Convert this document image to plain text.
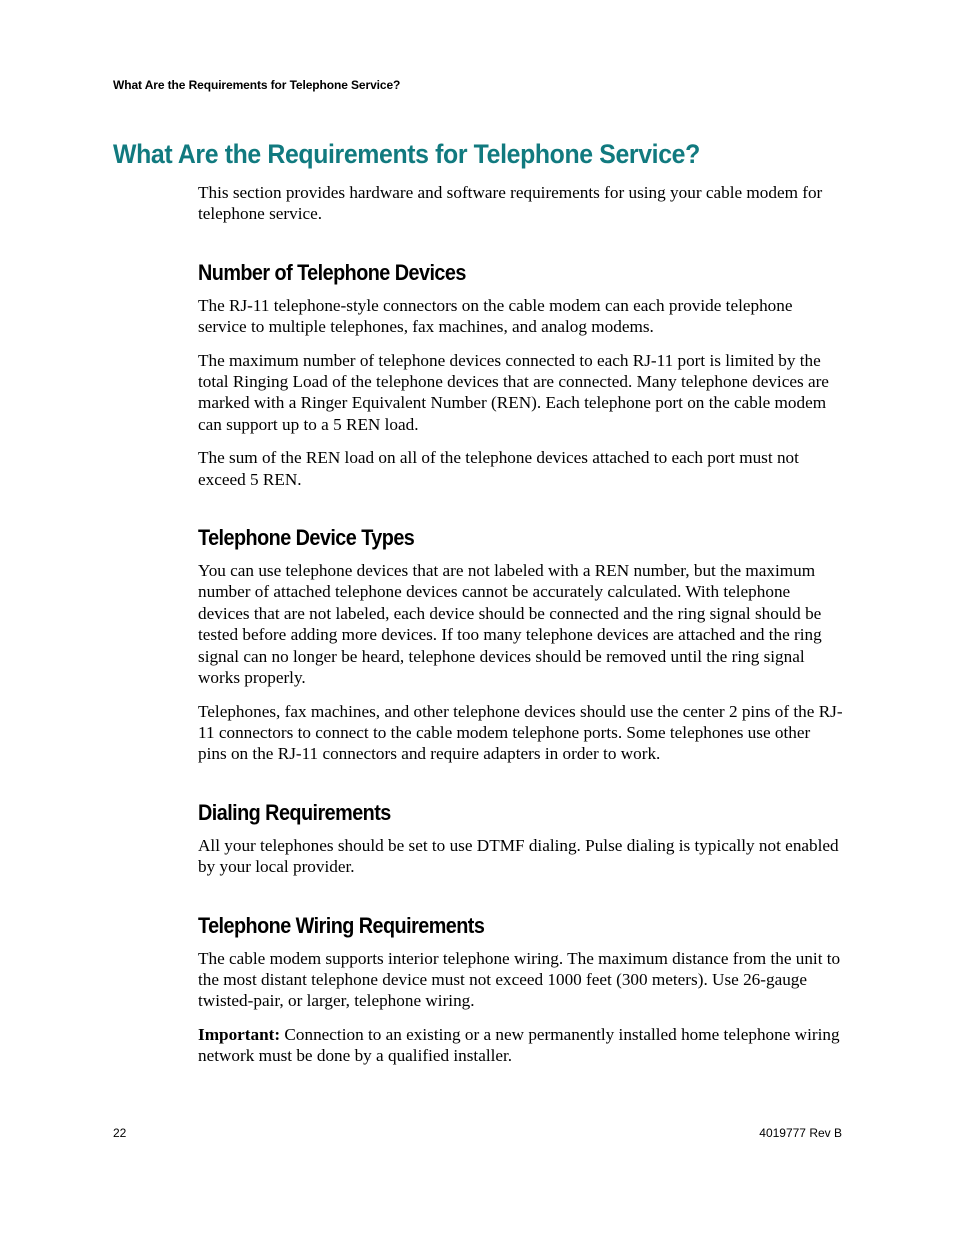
What Are the Requirements for Telephone Service?
What Are the Requirements for Telephone Service?

This section provides hardware and software requirements for using your cable modem for telephone service.

Number of Telephone Devices

The RJ-11 telephone-style connectors on the cable modem can each provide telephone service to multiple telephones, fax machines, and analog modems.

The maximum number of telephone devices connected to each RJ-11 port is limited by the total Ringing Load of the telephone devices that are connected. Many telephone devices are marked with a Ringer Equivalent Number (REN). Each telephone port on the cable modem can support up to a 5 REN load.

The sum of the REN load on all of the telephone devices attached to each port must not exceed 5 REN.

Telephone Device Types

You can use telephone devices that are not labeled with a REN number, but the maximum number of attached telephone devices cannot be accurately calculated. With telephone devices that are not labeled, each device should be connected and the ring signal should be tested before adding more devices. If too many telephone devices are attached and the ring signal can no longer be heard, telephone devices should be removed until the ring signal works properly.

Telephones, fax machines, and other telephone devices should use the center 2 pins of the RJ-11 connectors to connect to the cable modem telephone ports. Some telephones use other pins on the RJ-11 connectors and require adapters in order to work.

Dialing Requirements

All your telephones should be set to use DTMF dialing. Pulse dialing is typically not enabled by your local provider.

Telephone Wiring Requirements

The cable modem supports interior telephone wiring. The maximum distance from the unit to the most distant telephone device must not exceed 1000 feet (300 meters). Use 26-gauge twisted-pair, or larger, telephone wiring.

Important: Connection to an existing or a new permanently installed home telephone wiring network must be done by a qualified installer.

22	4019777 Rev B
